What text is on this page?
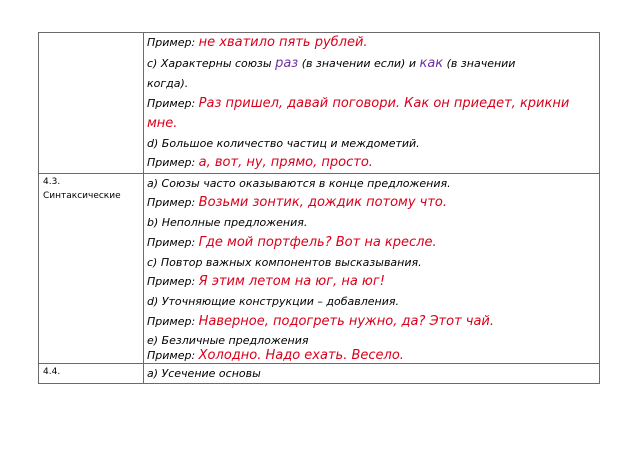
4.3.
Синтаксические
4.4.
Пример: не хватило пять рублей.
с) Характерны союзы раз (в значении если) и как (в значении
когда).
Пример: Раз пришел, давай поговори. Как он приедет, крикни
мне.
d) Большое количество частиц и междометий.
Пример: а, вот, ну, прямо, просто.
a) Союзы часто оказываются в конце предложения.
Пример: Возьми зонтик, дождик потому что.
b) Неполные предложения.
Пример: Где мой портфель? Вот на кресле.
с) Повтор важных компонентов высказывания.
Пример: Я этим летом на юг, на юг!
d) Уточняющие конструкции – добавления.
Пример: Наверное, подогреть нужно, да? Этот чай.
е) Безличные предложения
Пример: Холодно. Надо ехать. Весело.
a) Усечение основы
